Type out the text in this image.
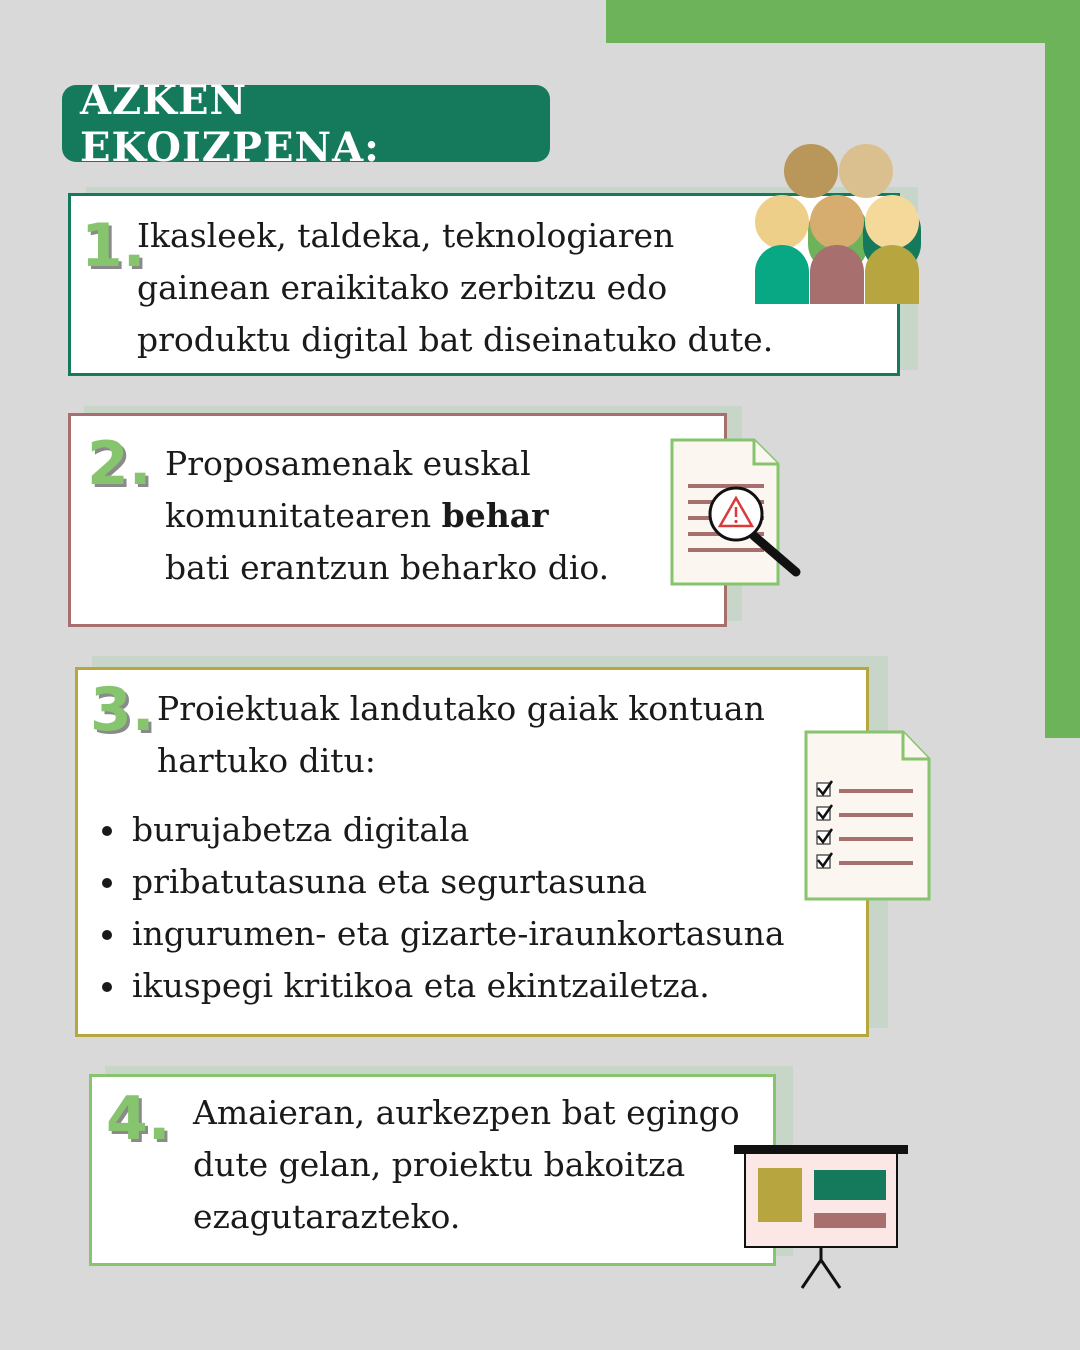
AZKEN EKOIZPENA:
1.
Ikasleek, taldeka, teknologiaren
gainean eraikitako zerbitzu edo
produktu digital bat diseinatuko dute.
2. Proposamenak euskal
komunitatearen behar
bati erantzun beharko dio.
3. Proiektuak landutako gaiak kontuan
hartuko ditu:
burujabetza digitala
pribatutasuna eta segurtasuna
ingurumen- eta gizarte-iraunkortasuna
ikuspegi kritikoa eta ekintzailetza.
4. Amaieran, aurkezpen bat egingo
dute gelan, proiektu bakoitza
ezagutarazteko.
